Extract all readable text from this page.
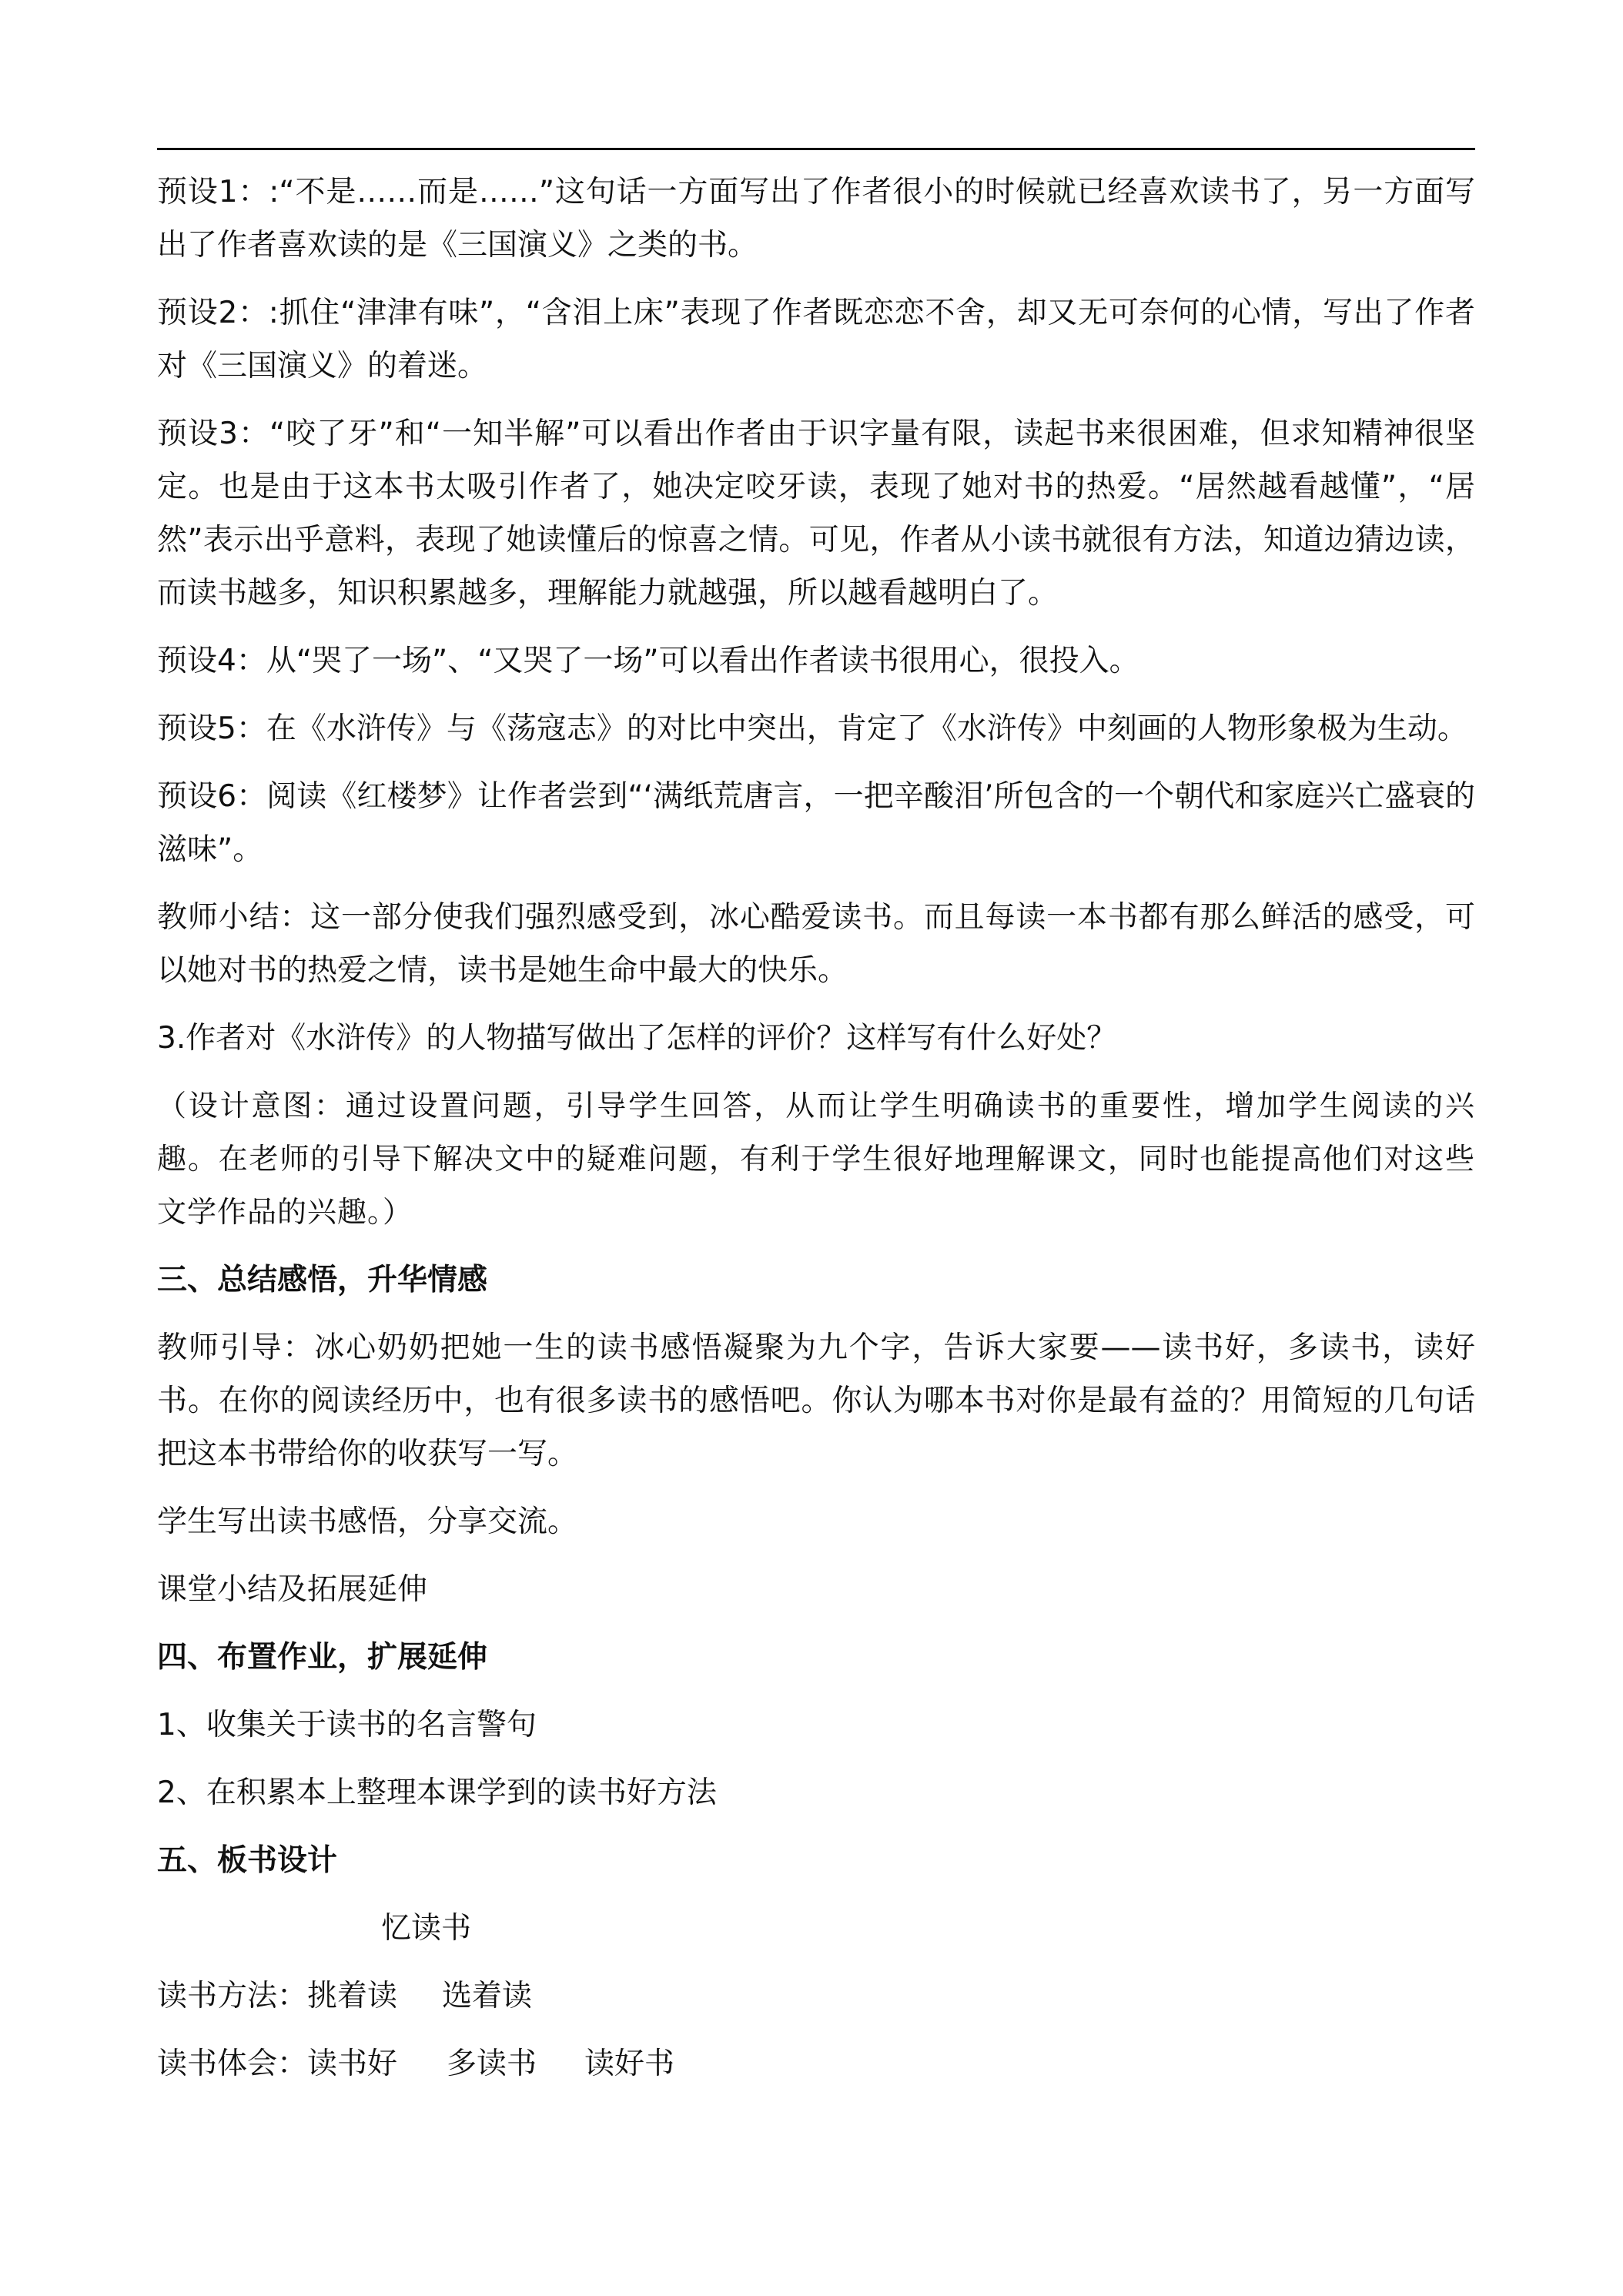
预设1：:“不是……而是……”这句话一方面写出了作者很小的时候就已经喜欢读书了，另一方面写出了作者喜欢读的是《三国演义》之类的书。

预设2：:抓住“津津有味”，“含泪上床”表现了作者既恋恋不舍，却又无可奈何的心情，写出了作者对《三国演义》的着迷。

预设3：“咬了牙”和“一知半解”可以看出作者由于识字量有限，读起书来很困难，但求知精神很坚定。也是由于这本书太吸引作者了，她决定咬牙读，表现了她对书的热爱。“居然越看越懂”，“居然”表示出乎意料，表现了她读懂后的惊喜之情。可见，作者从小读书就很有方法，知道边猜边读，而读书越多，知识积累越多，理解能力就越强，所以越看越明白了。

预设4：从“哭了一场”、“又哭了一场”可以看出作者读书很用心，很投入。

预设5：在《水浒传》与《荡寇志》的对比中突出，肯定了《水浒传》中刻画的人物形象极为生动。

预设6：阅读《红楼梦》让作者尝到“‘满纸荒唐言，一把辛酸泪’所包含的一个朝代和家庭兴亡盛衰的滋味”。

教师小结：这一部分使我们强烈感受到，冰心酷爱读书。而且每读一本书都有那么鲜活的感受，可以她对书的热爱之情，读书是她生命中最大的快乐。

3.作者对《水浒传》的人物描写做出了怎样的评价？这样写有什么好处？

（设计意图：通过设置问题，引导学生回答，从而让学生明确读书的重要性，增加学生阅读的兴趣。在老师的引导下解决文中的疑难问题，有利于学生很好地理解课文，同时也能提高他们对这些文学作品的兴趣。）

三、总结感悟，升华情感

教师引导：冰心奶奶把她一生的读书感悟凝聚为九个字，告诉大家要——读书好，多读书，读好书。在你的阅读经历中，也有很多读书的感悟吧。你认为哪本书对你是最有益的？用简短的几句话把这本书带给你的收获写一写。

学生写出读书感悟，分享交流。

课堂小结及拓展延伸

四、布置作业，扩展延伸

1、收集关于读书的名言警句

2、在积累本上整理本课学到的读书好方法

五、板书设计

忆读书

读书方法：挑着读 选着读

读书体会：读书好 多读书 读好书
